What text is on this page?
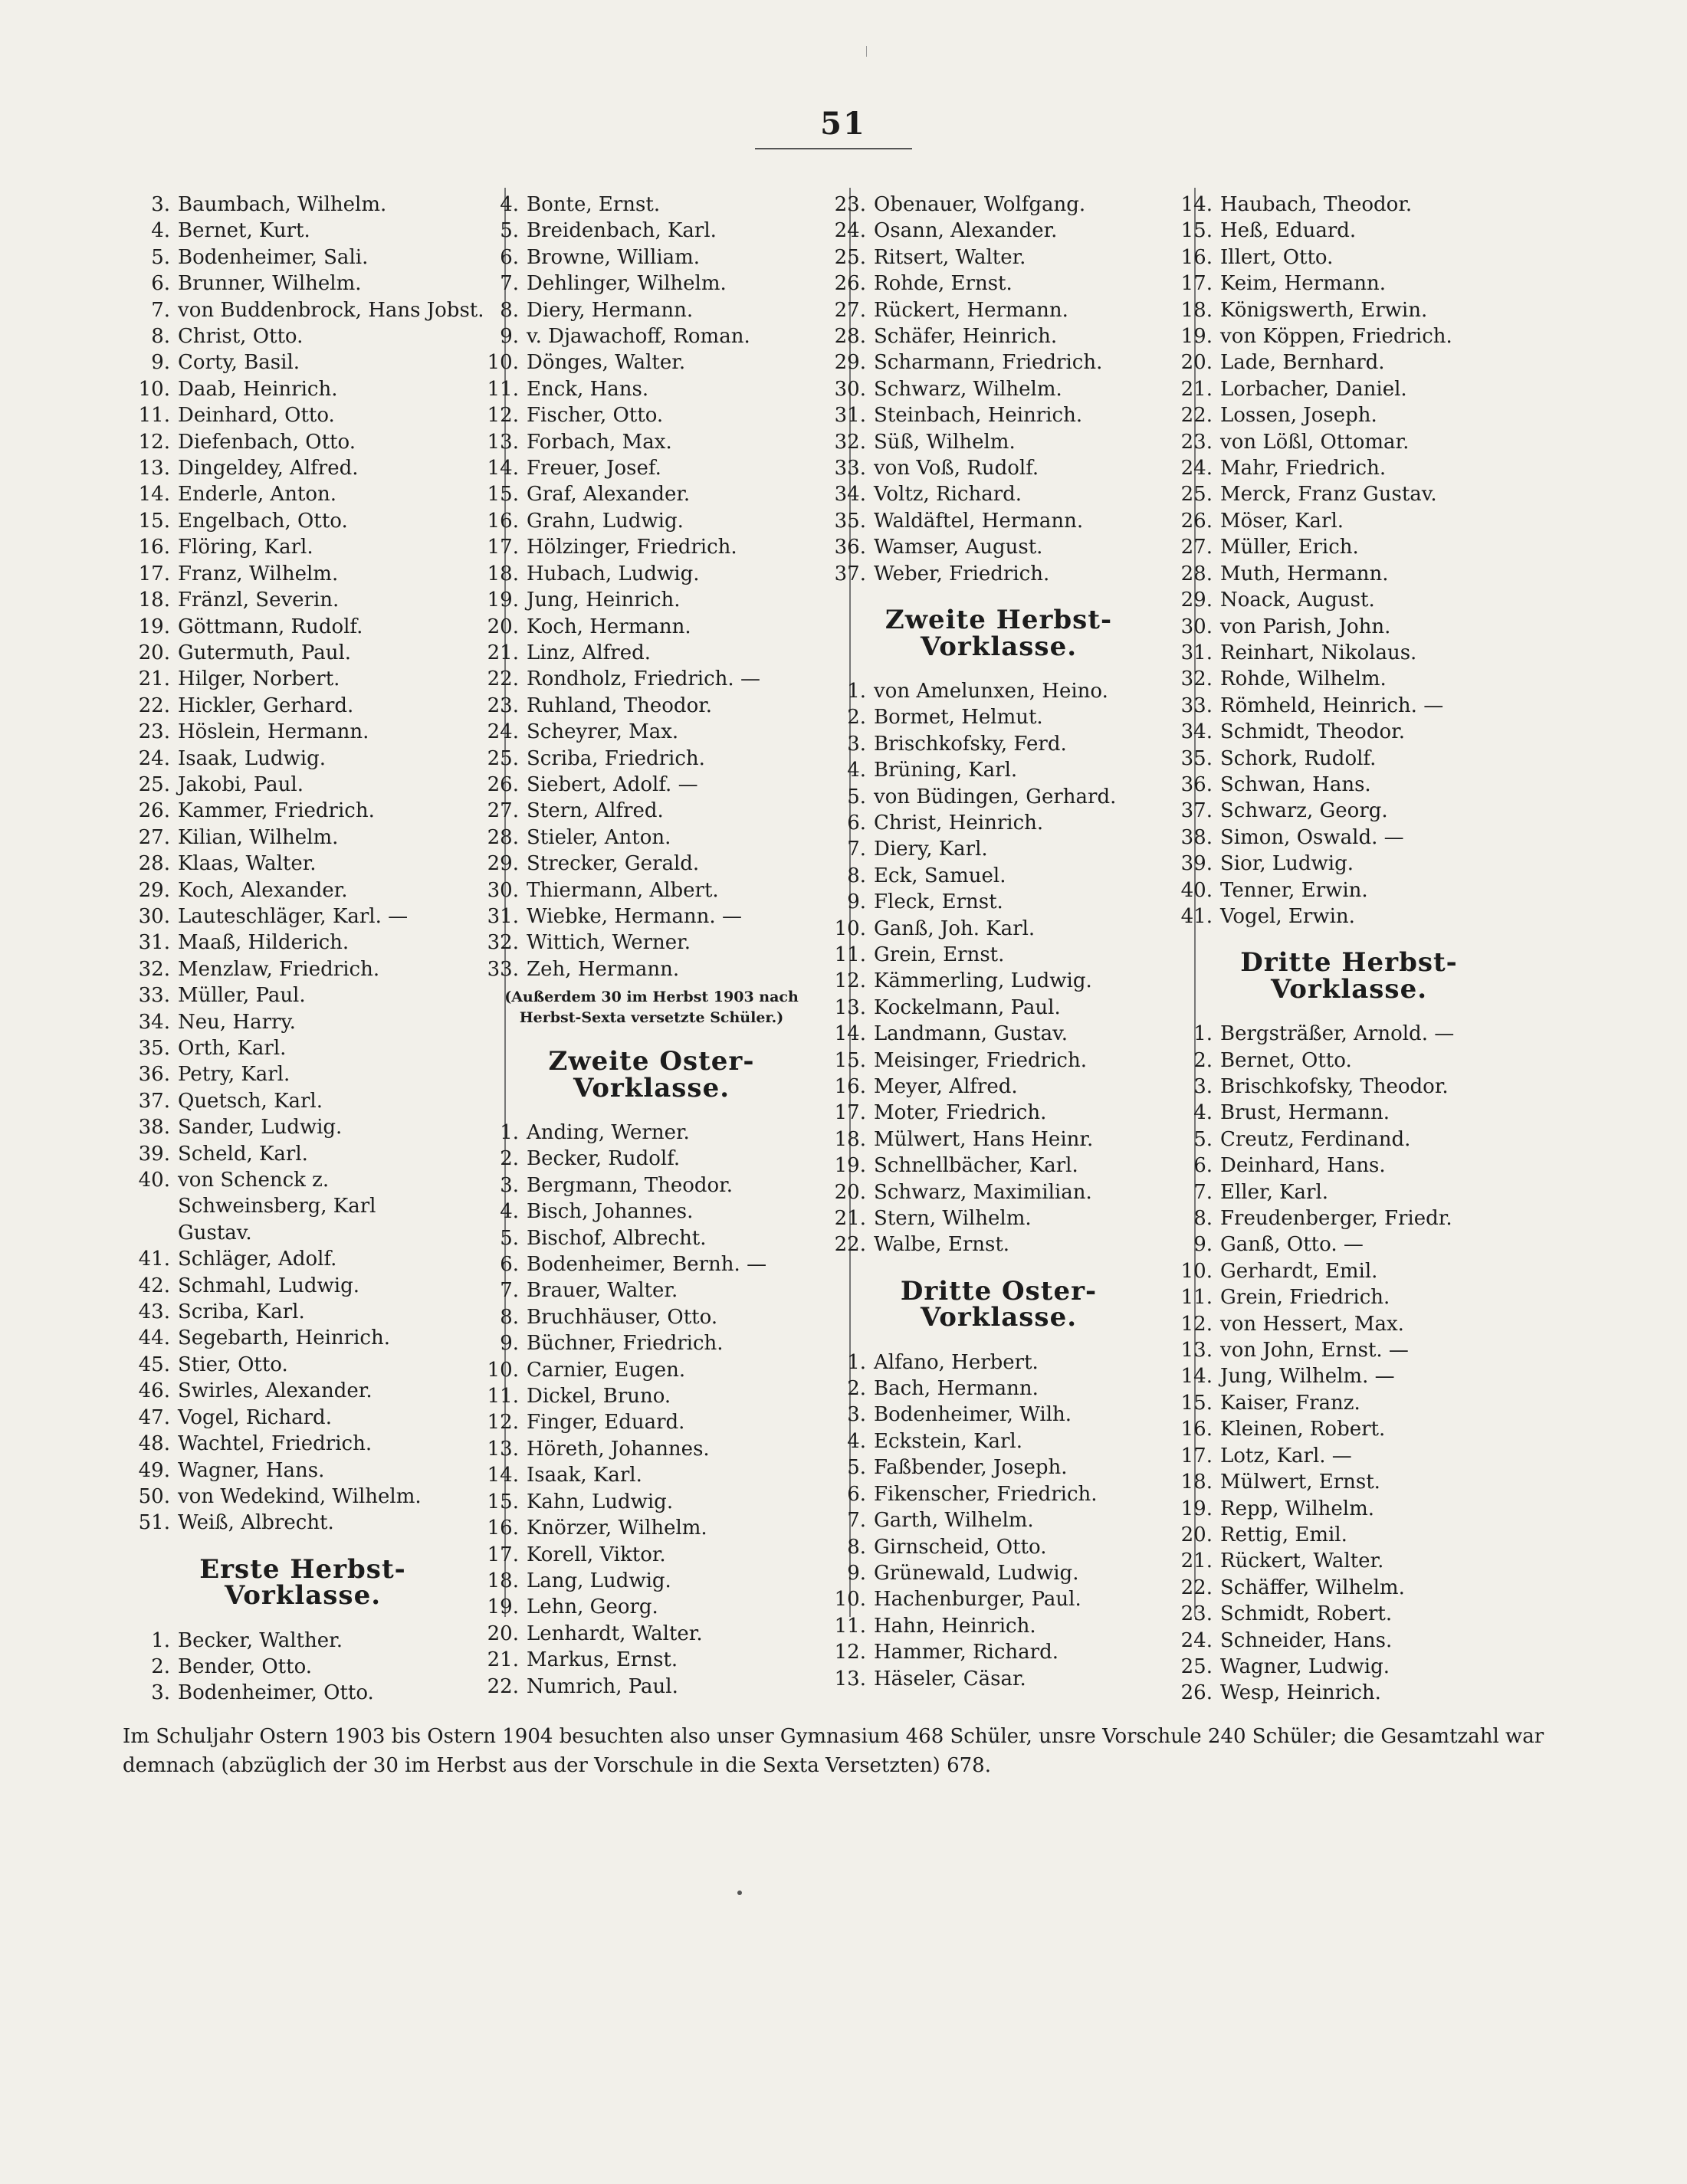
51
3. Baumbach, Wilhelm.
4. Bernet, Kurt.
5. Bodenheimer, Sali.
6. Brunner, Wilhelm.
7. von Buddenbrock, Hans Jobst.
8. Christ, Otto.
9. Corty, Basil.
10. Daab, Heinrich.
11. Deinhard, Otto.
12. Diefenbach, Otto.
13. Dingeldey, Alfred.
14. Enderle, Anton.
15. Engelbach, Otto.
16. Flöring, Karl.
17. Franz, Wilhelm.
18. Fränzl, Severin.
19. Göttmann, Rudolf.
20. Gutermuth, Paul.
21. Hilger, Norbert.
22. Hickler, Gerhard.
23. Höslein, Hermann.
24. Isaak, Ludwig.
25. Jakobi, Paul.
26. Kammer, Friedrich.
27. Kilian, Wilhelm.
28. Klaas, Walter.
29. Koch, Alexander.
30. Lauteschläger, Karl. —
31. Maaß, Hilderich.
32. Menzlaw, Friedrich.
33. Müller, Paul.
34. Neu, Harry.
35. Orth, Karl.
36. Petry, Karl.
37. Quetsch, Karl.
38. Sander, Ludwig.
39. Scheld, Karl.
40. von Schenck z. Schweinsberg, Karl Gustav.
41. Schläger, Adolf.
42. Schmahl, Ludwig.
43. Scriba, Karl.
44. Segebarth, Heinrich.
45. Stier, Otto.
46. Swirles, Alexander.
47. Vogel, Richard.
48. Wachtel, Friedrich.
49. Wagner, Hans.
50. von Wedekind, Wilhelm.
51. Weiß, Albrecht.
Erste Herbst-Vorklasse.
1. Becker, Walther.
2. Bender, Otto.
3. Bodenheimer, Otto.
4. Bonte, Ernst.
5. Breidenbach, Karl.
6. Browne, William.
7. Dehlinger, Wilhelm.
8. Diery, Hermann.
9. v. Djawachoff, Roman.
10. Dönges, Walter.
11. Enck, Hans.
12. Fischer, Otto.
13. Forbach, Max.
14. Freuer, Josef.
15. Graf, Alexander.
16. Grahn, Ludwig.
17. Hölzinger, Friedrich.
18. Hubach, Ludwig.
19. Jung, Heinrich.
20. Koch, Hermann.
21. Linz, Alfred.
22. Rondholz, Friedrich. —
23. Ruhland, Theodor.
24. Scheyrer, Max.
25. Scriba, Friedrich.
26. Siebert, Adolf. —
27. Stern, Alfred.
28. Stieler, Anton.
29. Strecker, Gerald.
30. Thiermann, Albert.
31. Wiebke, Hermann. —
32. Wittich, Werner.
33. Zeh, Hermann.
(Außerdem 30 im Herbst 1903 nach Herbst-Sexta versetzte Schüler.)
Zweite Oster-Vorklasse.
1. Anding, Werner.
2. Becker, Rudolf.
3. Bergmann, Theodor.
4. Bisch, Johannes.
5. Bischof, Albrecht.
6. Bodenheimer, Bernh. —
7. Brauer, Walter.
8. Bruchhäuser, Otto.
9. Büchner, Friedrich.
10. Carnier, Eugen.
11. Dickel, Bruno.
12. Finger, Eduard.
13. Höreth, Johannes.
14. Isaak, Karl.
15. Kahn, Ludwig.
16. Knörzer, Wilhelm.
17. Korell, Viktor.
18. Lang, Ludwig.
19. Lehn, Georg.
20. Lenhardt, Walter.
21. Markus, Ernst.
22. Numrich, Paul.
23. Obenauer, Wolfgang.
24. Osann, Alexander.
25. Ritsert, Walter.
26. Rohde, Ernst.
27. Rückert, Hermann.
28. Schäfer, Heinrich.
29. Scharmann, Friedrich.
30. Schwarz, Wilhelm.
31. Steinbach, Heinrich.
32. Süß, Wilhelm.
33. von Voß, Rudolf.
34. Voltz, Richard.
35. Waldäftel, Hermann.
36. Wamser, August.
37. Weber, Friedrich.
Zweite Herbst-Vorklasse.
1. von Amelunxen, Heino.
2. Bormet, Helmut.
3. Brischkofsky, Ferd.
4. Brüning, Karl.
5. von Büdingen, Gerhard.
6. Christ, Heinrich.
7. Diery, Karl.
8. Eck, Samuel.
9. Fleck, Ernst.
10. Ganß, Joh. Karl.
11. Grein, Ernst.
12. Kämmerling, Ludwig.
13. Kockelmann, Paul.
14. Landmann, Gustav.
15. Meisinger, Friedrich.
16. Meyer, Alfred.
17. Moter, Friedrich.
18. Mülwert, Hans Heinr.
19. Schnellbächer, Karl.
20. Schwarz, Maximilian.
21. Stern, Wilhelm.
22. Walbe, Ernst.
Dritte Oster-Vorklasse.
1. Alfano, Herbert.
2. Bach, Hermann.
3. Bodenheimer, Wilh.
4. Eckstein, Karl.
5. Faßbender, Joseph.
6. Fikenscher, Friedrich.
7. Garth, Wilhelm.
8. Girnscheid, Otto.
9. Grünewald, Ludwig.
10. Hachenburger, Paul.
11. Hahn, Heinrich.
12. Hammer, Richard.
13. Häseler, Cäsar.
14. Haubach, Theodor.
15. Heß, Eduard.
16. Illert, Otto.
17. Keim, Hermann.
18. Königswerth, Erwin.
19. von Köppen, Friedrich.
20. Lade, Bernhard.
21. Lorbacher, Daniel.
22. Lossen, Joseph.
23. von Lößl, Ottomar.
24. Mahr, Friedrich.
25. Merck, Franz Gustav.
26. Möser, Karl.
27. Müller, Erich.
28. Muth, Hermann.
29. Noack, August.
30. von Parish, John.
31. Reinhart, Nikolaus.
32. Rohde, Wilhelm.
33. Römheld, Heinrich. —
34. Schmidt, Theodor.
35. Schork, Rudolf.
36. Schwan, Hans.
37. Schwarz, Georg.
38. Simon, Oswald. —
39. Sior, Ludwig.
40. Tenner, Erwin.
41. Vogel, Erwin.
Dritte Herbst-Vorklasse.
1. Bergsträßer, Arnold. —
2. Bernet, Otto.
3. Brischkofsky, Theodor.
4. Brust, Hermann.
5. Creutz, Ferdinand.
6. Deinhard, Hans.
7. Eller, Karl.
8. Freudenberger, Friedr.
9. Ganß, Otto. —
10. Gerhardt, Emil.
11. Grein, Friedrich.
12. von Hessert, Max.
13. von John, Ernst. —
14. Jung, Wilhelm. —
15. Kaiser, Franz.
16. Kleinen, Robert.
17. Lotz, Karl. —
18. Mülwert, Ernst.
19. Repp, Wilhelm.
20. Rettig, Emil.
21. Rückert, Walter.
22. Schäffer, Wilhelm.
23. Schmidt, Robert.
24. Schneider, Hans.
25. Wagner, Ludwig.
26. Wesp, Heinrich.
Im Schuljahr Ostern 1903 bis Ostern 1904 besuchten also unser Gymnasium 468 Schüler, unsre Vorschule 240 Schüler; die Gesamtzahl war demnach (abzüglich der 30 im Herbst aus der Vorschule in die Sexta Versetzten) 678.
